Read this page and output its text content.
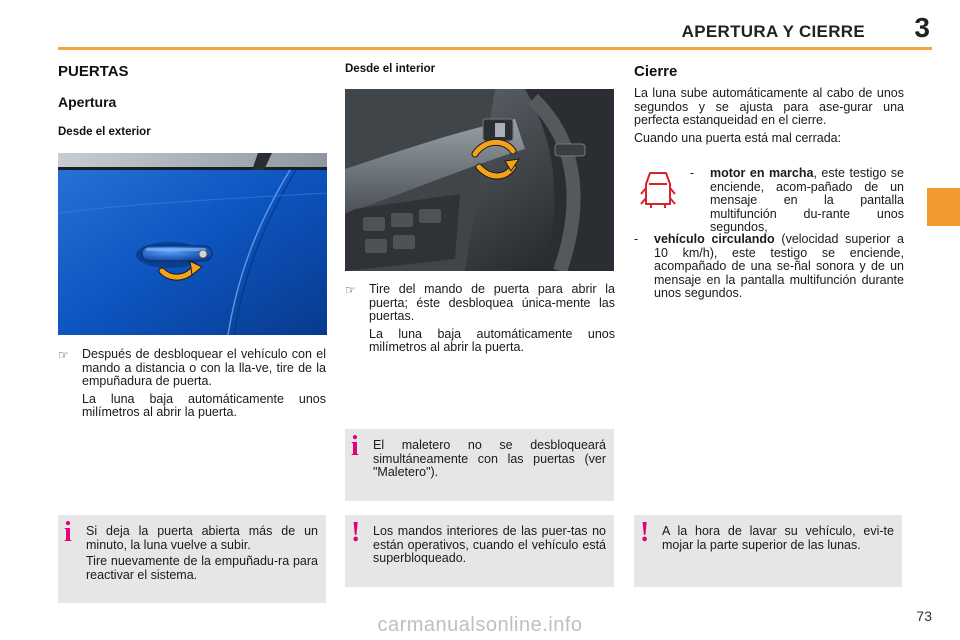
APERTURA Y CIERRE 3
PUERTAS
Apertura
Desde el exterior
☞	Después de desbloquear el vehículo con el mando a distancia o con la lla-ve, tire de la empuñadura de puerta.

La luna baja automáticamente unos milímetros al abrir la puerta.

Desde el interior
☞	Tire del mando de puerta para abrir la puerta; éste desbloquea única-mente las puertas.

La luna baja automáticamente unos milímetros al abrir la puerta.

Cierre

La luna sube automáticamente al cabo de unos segundos y se ajusta para ase-gurar una perfecta estanqueidad en el cierre.

Cuando una puerta está mal cerrada:

-	motor en marcha, este testigo se enciende, acom-pañado de un mensaje en la pantalla multifunción du-rante unos segundos,
-	vehículo circulando (velocidad superior a 10 km/h), este testigo se enciende, acompañado de una se-ñal sonora y de un mensaje en la pantalla multifunción durante unos segundos.
i El maletero no se desbloqueará simultáneamente con las puertas (ver "Maletero").

i Si deja la puerta abierta más de un minuto, la luna vuelve a subir.

Tire nuevamente de la empuñadu-ra para reactivar el sistema.

! Los mandos interiores de las puer-tas no están operativos, cuando el vehículo está superbloqueado.

! A la hora de lavar su vehículo, evi-te mojar la parte superior de las lunas.

73
carmanualsonline.info
